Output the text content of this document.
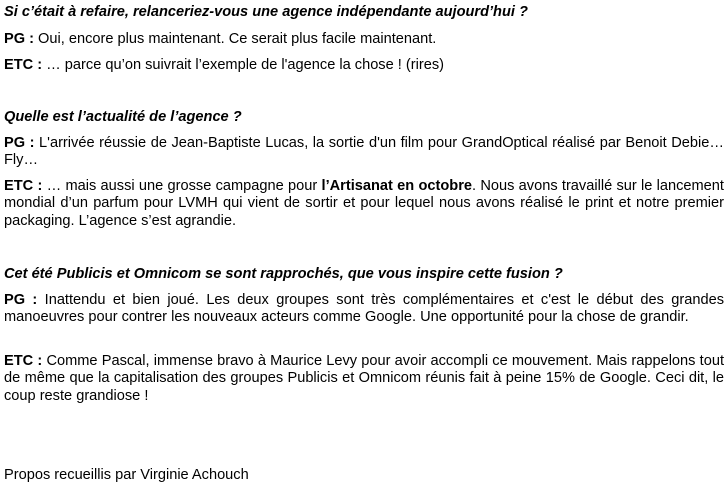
Si c’était à refaire, relanceriez-vous une agence indépendante aujourd’hui ?

PG : Oui, encore plus maintenant. Ce serait plus facile maintenant.

ETC : … parce qu’on suivrait l’exemple de l'agence la chose ! (rires)

Quelle est l’actualité de l’agence ?

PG : L'arrivée réussie de Jean-Baptiste Lucas, la sortie d'un film pour GrandOptical réalisé par Benoit Debie… Fly…

ETC : … mais aussi une grosse campagne pour l’Artisanat en octobre. Nous avons travaillé sur le lancement mondial d’un parfum pour LVMH qui vient de sortir et pour lequel nous avons réalisé le print et notre premier packaging. L’agence s’est agrandie.

Cet été Publicis et Omnicom se sont rapprochés, que vous inspire cette fusion ?

PG : Inattendu et bien joué. Les deux groupes sont très complémentaires et c'est le début des grandes manoeuvres pour contrer les nouveaux acteurs comme Google. Une opportunité pour la chose de grandir.

ETC : Comme Pascal, immense bravo à Maurice Levy pour avoir accompli ce mouvement. Mais rappelons tout de même que la capitalisation des groupes Publicis et Omnicom réunis fait à peine 15% de Google. Ceci dit, le coup reste grandiose !

Propos recueillis par Virginie Achouch
